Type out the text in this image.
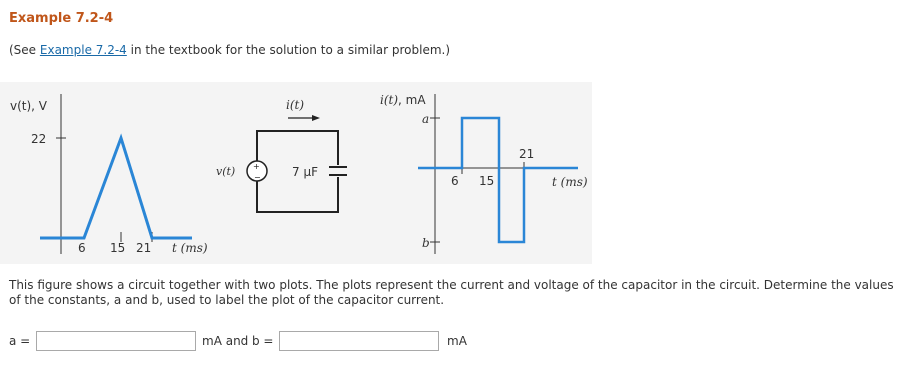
Example 7.2-4
(See Example 7.2-4 in the textbook for the solution to a similar problem.)
v(t), V
22
6 15 21 t (ms)
i(t)
+
−
v(t)	7 μF
i(t), mA
a
b
6 15
21
t (ms)
This figure shows a circuit together with two plots. The plots represent the current and voltage of the capacitor in the circuit. Determine the values of the constants, a and b, used to label the plot of the capacitor current.
a =	mA and b =	mA
